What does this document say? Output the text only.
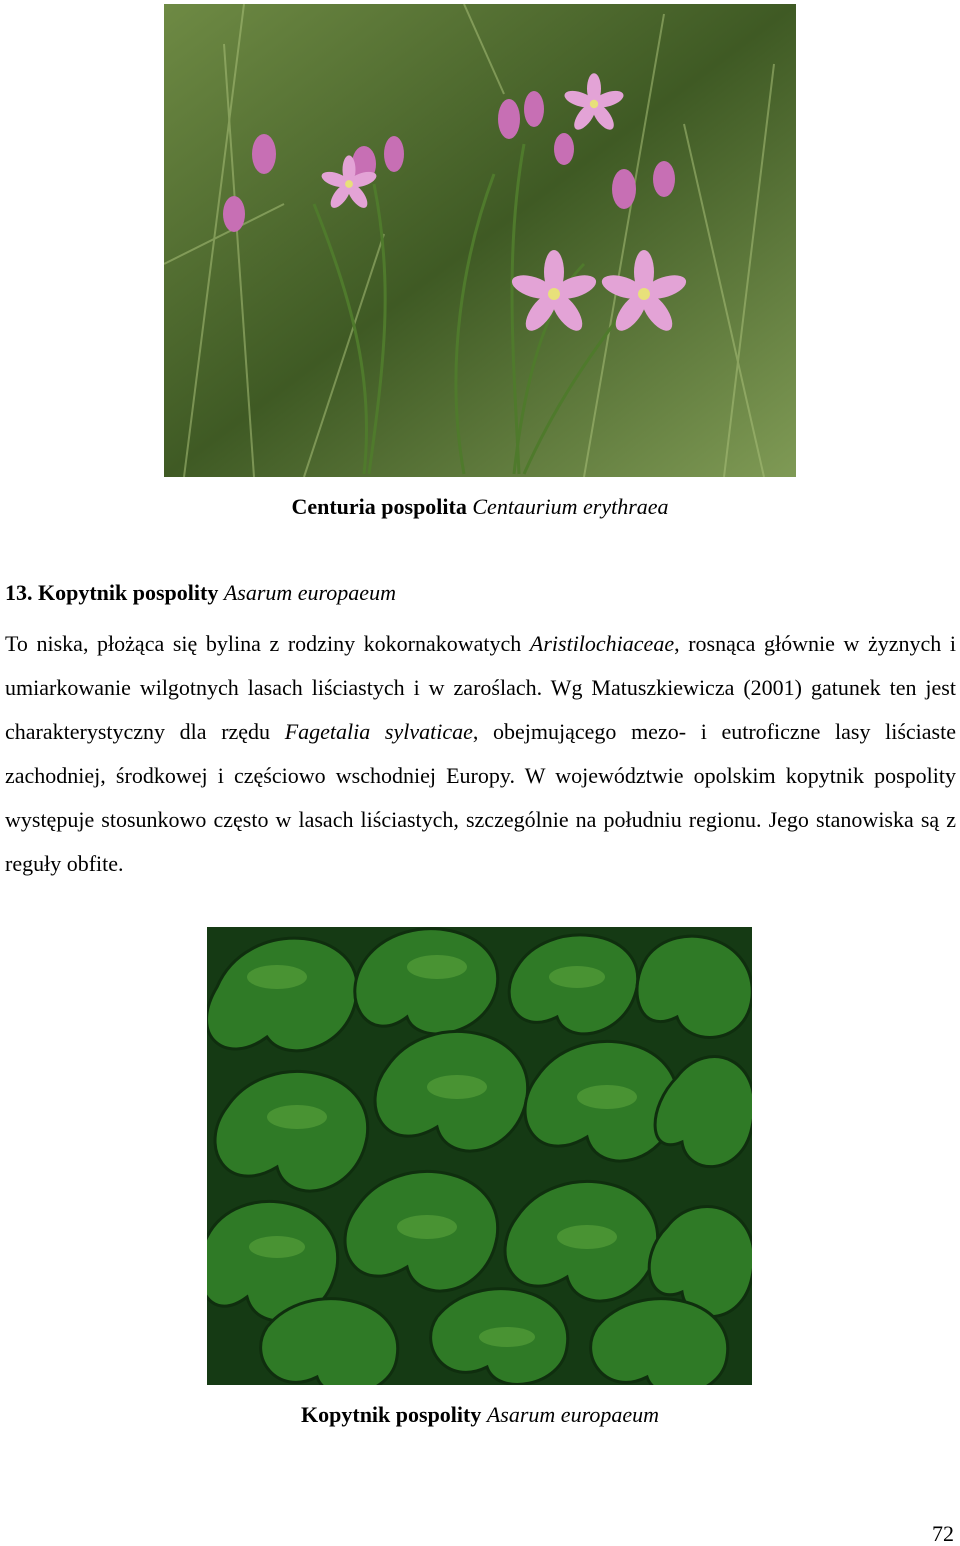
Centuria pospolita Centaurium erythraea
13. Kopytnik pospolity Asarum europaeum
To niska, płożąca się bylina z rodziny kokornakowatych Aristilochiaceae, rosnąca głównie w żyznych i umiarkowanie wilgotnych lasach liściastych i w zaroślach. Wg Matuszkiewicza (2001) gatunek ten jest charakterystyczny dla rzędu Fagetalia sylvaticae, obejmującego mezo- i eutroficzne lasy liściaste zachodniej, środkowej i częściowo wschodniej Europy. W województwie opolskim kopytnik pospolity występuje stosunkowo często w lasach liściastych, szczególnie na południu regionu. Jego stanowiska są z reguły obfite.
Kopytnik pospolity Asarum europaeum
72
